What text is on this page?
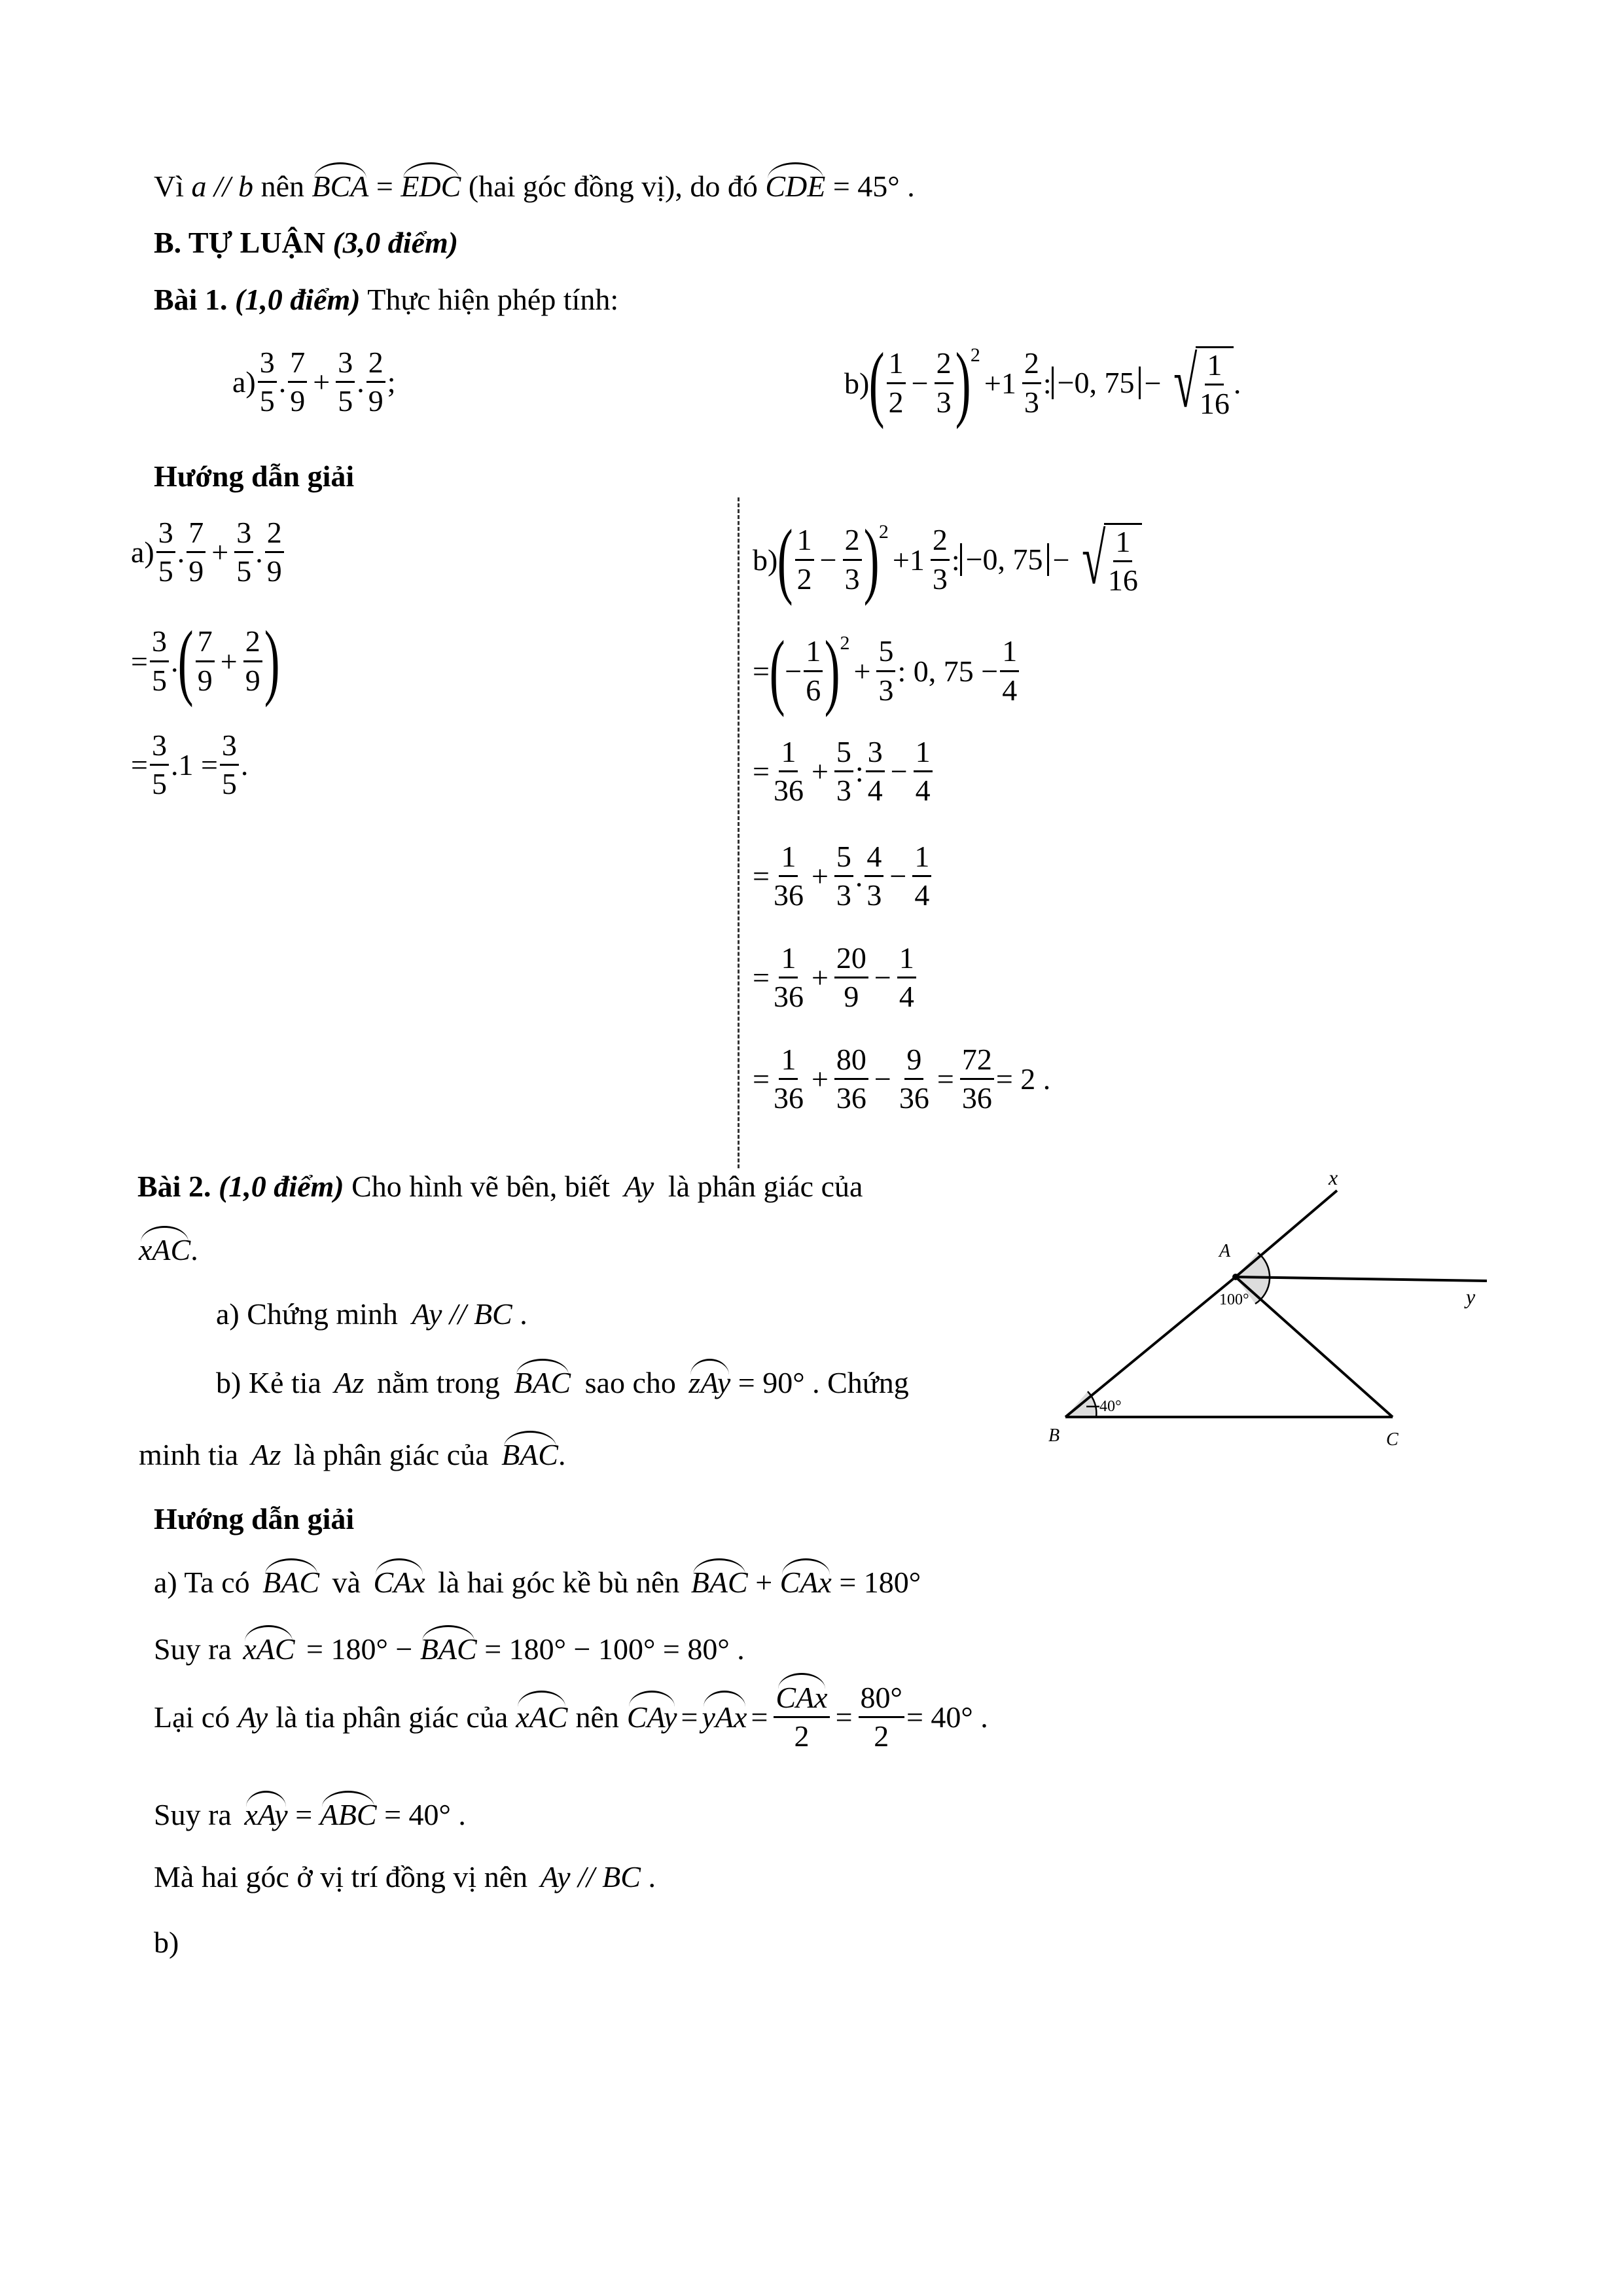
Vì a // b nên BCA = EDC (hai góc đồng vị), do đó CDE = 45° .
B. TỰ LUẬN (3,0 điểm)
Bài 1. (1,0 điểm) Thực hiện phép tính:
$a) \frac{3}{5}$ . $\frac{7}{9} + \frac{3}{5}$ . $\frac{2}{9}$ ;	b) ( $\frac{1}{2} - \frac{2}{3}$ ) 2
$+1 \frac{2}{3}$ : −0, 75 − √ $\frac{1}{16}$ .
Hướng dẫn giải
$a) \frac{3}{5}$ . $\frac{7}{9} + \frac{3}{5}$ . $\frac{2}{9}$
= $\frac{3}{5}$ . ( $\frac{7}{9} + \frac{2}{9}$ )
= $\frac{3}{5} .1 = \frac{3}{5}$ .
b) ( $\frac{1}{2} - \frac{2}{3}$ ) 2
$+1 \frac{2}{3}$ : −0, 75 − √ $\frac{1}{16}$
= ( − $\frac{1}{6}$ ) 2
+ $\frac{5}{3}$ : 0, $75 - \frac{1}{4}$
= $\frac{1}{36} + \frac{5}{3}$ : $\frac{3}{4} - \frac{1}{4}$
= $\frac{1}{36} + \frac{5}{3}$ . $\frac{4}{3} - \frac{1}{4}$
= $\frac{1}{36} + \frac{20}{9} - \frac{1}{4}$
= $\frac{1}{36} + \frac{80}{36} - \frac{9}{36} = \frac{72}{36} = 2$ .
Bài 2. (1,0 điểm) Cho hình vẽ bên, biết Ay là phân giác của
xAC.
a) Chứng minh Ay // BC .
b) Kẻ tia Az nằm trong BAC sao cho zAy = 90° . Chứng
minh tia Az là phân giác của BAC.
x
A
y
B	C
100°
40°
Hướng dẫn giải
a) Ta có BAC và CAx là hai góc kề bù nên BAC + CAx = 180°
Suy ra xAC = 180° − BAC = 180° − 100° = 80° .
Lại có Ay là tia phân giác của xAC nên CAy = yAx = $\frac{\text{CAx}}{2} = \frac{80^\circ}{2} = 40^\circ$ .
Suy ra xAy = ABC = 40° .
Mà hai góc ở vị trí đồng vị nên Ay // BC .
b)
